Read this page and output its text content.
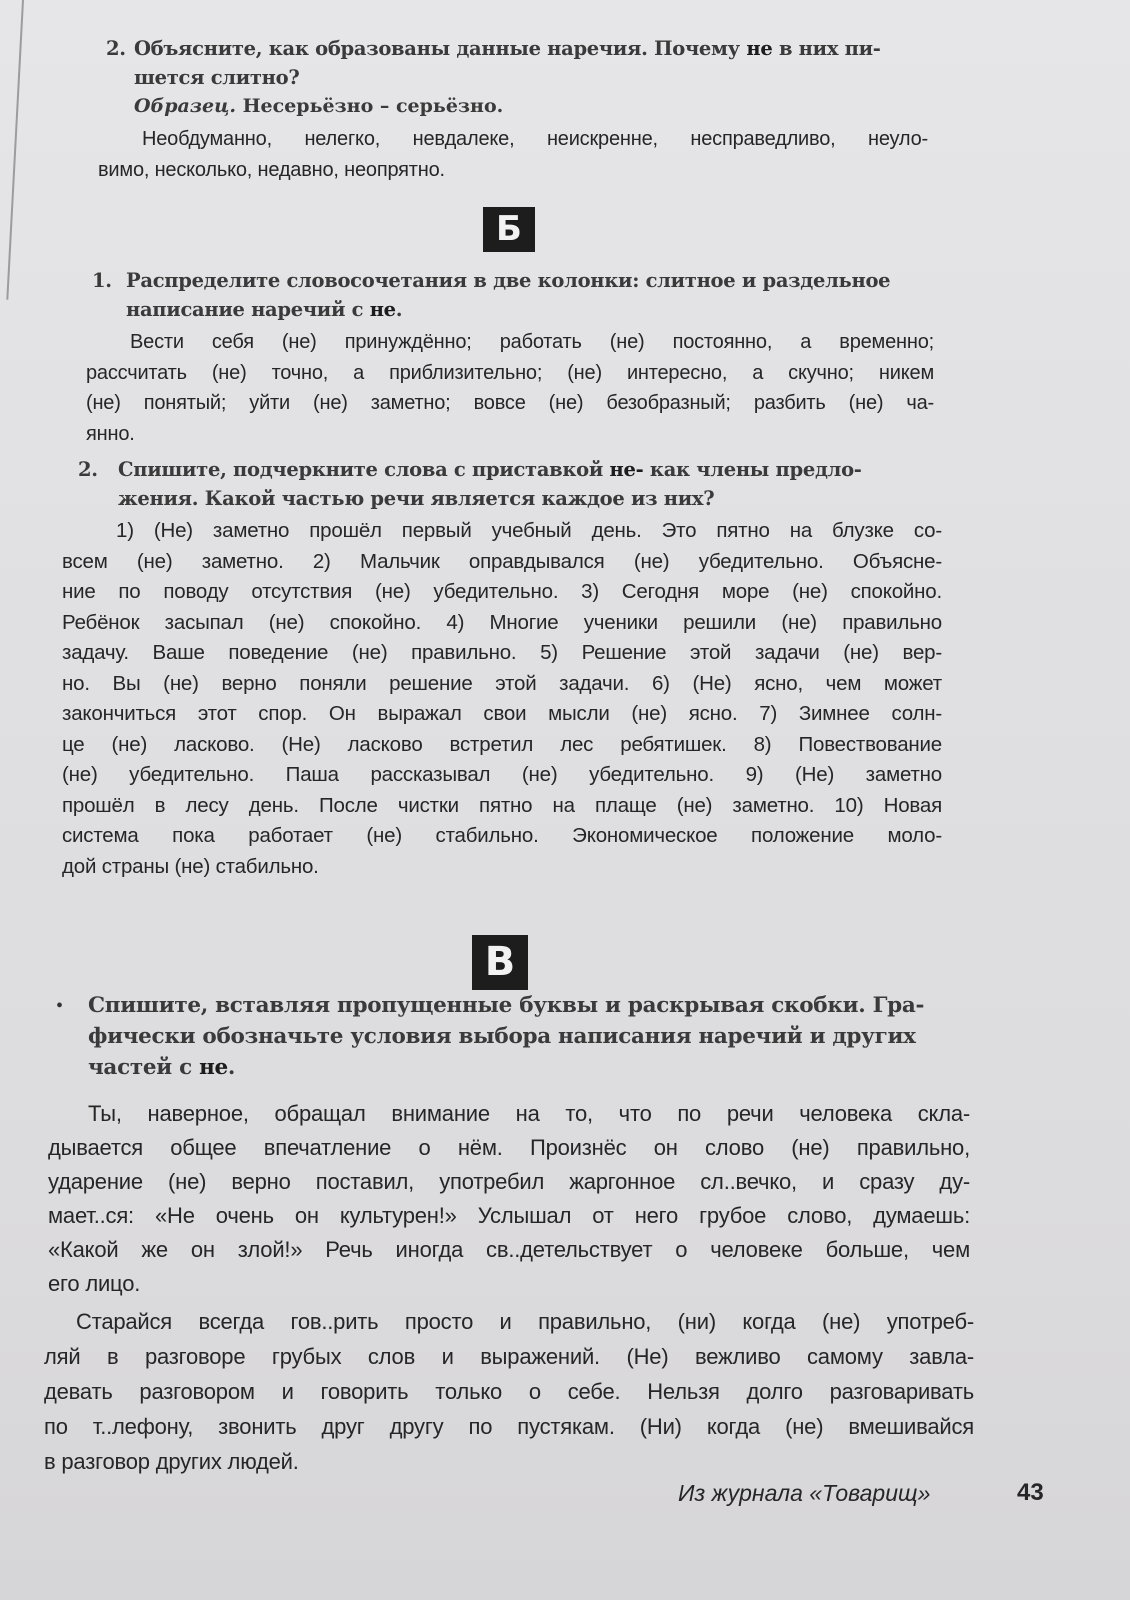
2. Объясните, как образованы данные наречия. Почему не в них пи-
шется слитно?
Образец. Несерьёзно – серьёзно.
Необдуманно, нелегко, невдалеке, неискренне, несправедливо, неуло-
вимо, несколько, недавно, неопрятно.
Б
1. Распределите словосочетания в две колонки: слитное и раздельное
написание наречий с не.
Вести себя (не) принуждённо; работать (не) постоянно, а временно;
рассчитать (не) точно, а приблизительно; (не) интересно, а скучно; никем
(не) понятый; уйти (не) заметно; вовсе (не) безобразный; разбить (не) ча-
янно.
2. Спишите, подчеркните слова с приставкой не- как члены предло-
жения. Какой частью речи является каждое из них?
1) (Не) заметно прошёл первый учебный день. Это пятно на блузке со-
всем (не) заметно. 2) Мальчик оправдывался (не) убедительно. Объясне-
ние по поводу отсутствия (не) убедительно. 3) Сегодня море (не) спокойно.
Ребёнок засыпал (не) спокойно. 4) Многие ученики решили (не) правильно
задачу. Ваше поведение (не) правильно. 5) Решение этой задачи (не) вер-
но. Вы (не) верно поняли решение этой задачи. 6) (Не) ясно, чем может
закончиться этот спор. Он выражал свои мысли (не) ясно. 7) Зимнее солн-
це (не) ласково. (Не) ласково встретил лес ребятишек. 8) Повествование
(не) убедительно. Паша рассказывал (не) убедительно. 9) (Не) заметно
прошёл в лесу день. После чистки пятно на плаще (не) заметно. 10) Новая
система пока работает (не) стабильно. Экономическое положение моло-
дой страны (не) стабильно.
В
• Спишите, вставляя пропущенные буквы и раскрывая скобки. Гра-
фически обозначьте условия выбора написания наречий и других
частей с не.
Ты, наверное, обращал внимание на то, что по речи человека скла-
дывается общее впечатление о нём. Произнёс он слово (не) правильно,
ударение (не) верно поставил, употребил жаргонное сл..вечко, и сразу ду-
мает..ся: «Не очень он культурен!» Услышал от него грубое слово, думаешь:
«Какой же он злой!» Речь иногда св..детельствует о человеке больше, чем
его лицо.
Старайся всегда гов..рить просто и правильно, (ни) когда (не) употреб-
ляй в разговоре грубых слов и выражений. (Не) вежливо самому завла-
девать разговором и говорить только о себе. Нельзя долго разговаривать
по т..лефону, звонить друг другу по пустякам. (Ни) когда (не) вмешивайся
в разговор других людей.
Из журнала «Товарищ»	43
